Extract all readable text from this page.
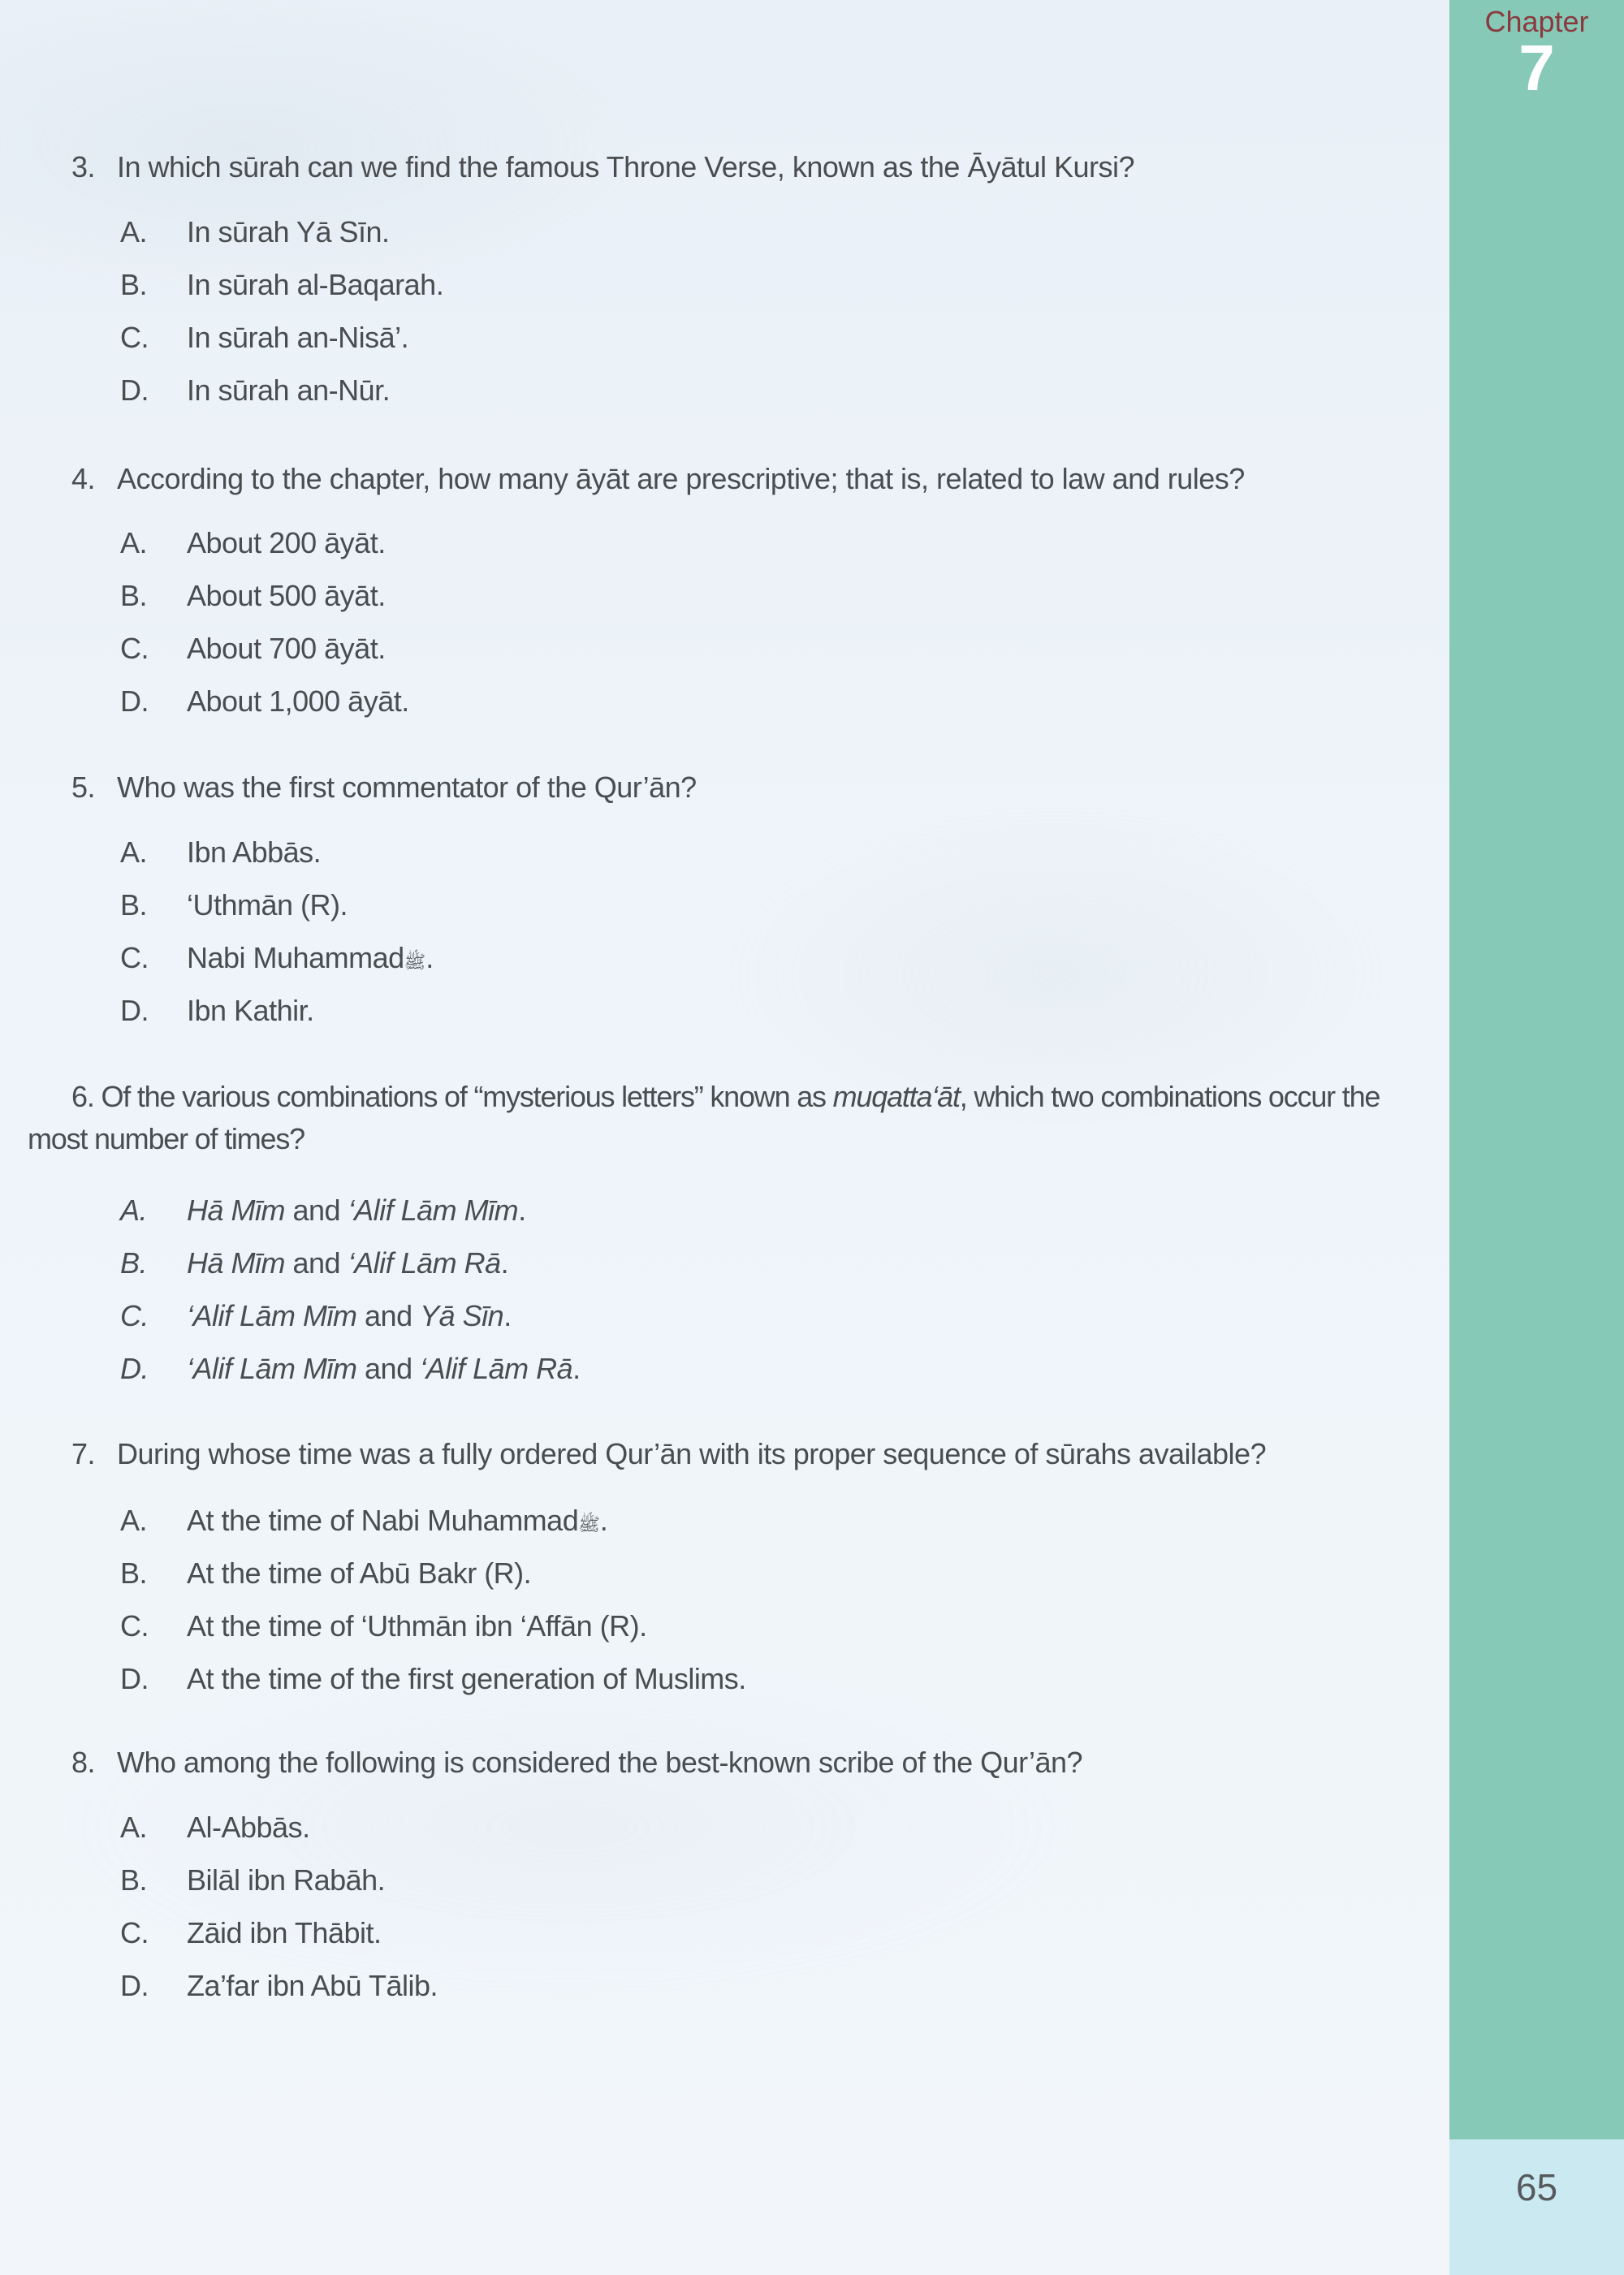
3. In which sūrah can we find the famous Throne Verse, known as the Āyātul Kursi?
A. In sūrah Yā Sīn.
B. In sūrah al-Baqarah.
C. In sūrah an-Nisā’.
D. In sūrah an-Nūr.
4. According to the chapter, how many āyāt are prescriptive; that is, related to law and rules?
A. About 200 āyāt.
B. About 500 āyāt.
C. About 700 āyāt.
D. About 1,000 āyāt.
5. Who was the first commentator of the Qur’ān?
A. Ibn Abbās.
B. ‘Uthmān (R).
C. Nabi Muhammadﷺ.
D. Ibn Kathir.
6. Of the various combinations of “mysterious letters” known as muqatta‘āt, which two combinations occur the most number of times?
A. Hā Mīm and ‘Alif Lām Mīm.
B. Hā Mīm and ‘Alif Lām Rā.
C. ‘Alif Lām Mīm and Yā Sīn.
D. ‘Alif Lām Mīm and ‘Alif Lām Rā.
7. During whose time was a fully ordered Qur’ān with its proper sequence of sūrahs available?
A. At the time of Nabi Muhammadﷺ.
B. At the time of Abū Bakr (R).
C. At the time of ‘Uthmān ibn ‘Affān (R).
D. At the time of the first generation of Muslims.
8. Who among the following is considered the best-known scribe of the Qur’ān?
A. Al-Abbās.
B. Bilāl ibn Rabāh.
C. Zāid ibn Thābit.
D. Za’far ibn Abū Tālib.
Chapter
7
65
